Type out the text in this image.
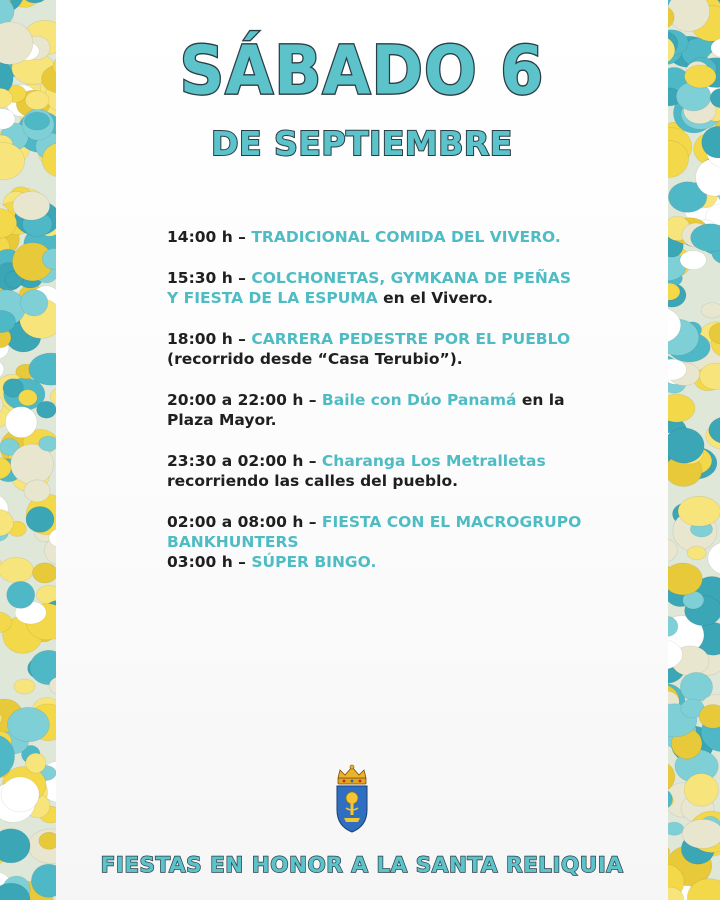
SÁBADO 6
DE SEPTIEMBRE
14:00 h – TRADICIONAL COMIDA DEL VIVERO.
15:30 h – COLCHONETAS, GYMKANA DE PEÑAS Y FIESTA DE LA ESPUMA en el Vivero.
18:00 h – CARRERA PEDESTRE POR EL PUEBLO (recorrido desde “Casa Terubio”).
20:00 a 22:00 h – Baile con Dúo Panamá en la Plaza Mayor.
23:30 a 02:00 h – Charanga Los Metralletas recorriendo las calles del pueblo.
02:00 a 08:00 h – FIESTA CON EL MACROGRUPO BANKHUNTERS
03:00 h – SÚPER BINGO.
FIESTAS EN HONOR A LA SANTA RELIQUIA
